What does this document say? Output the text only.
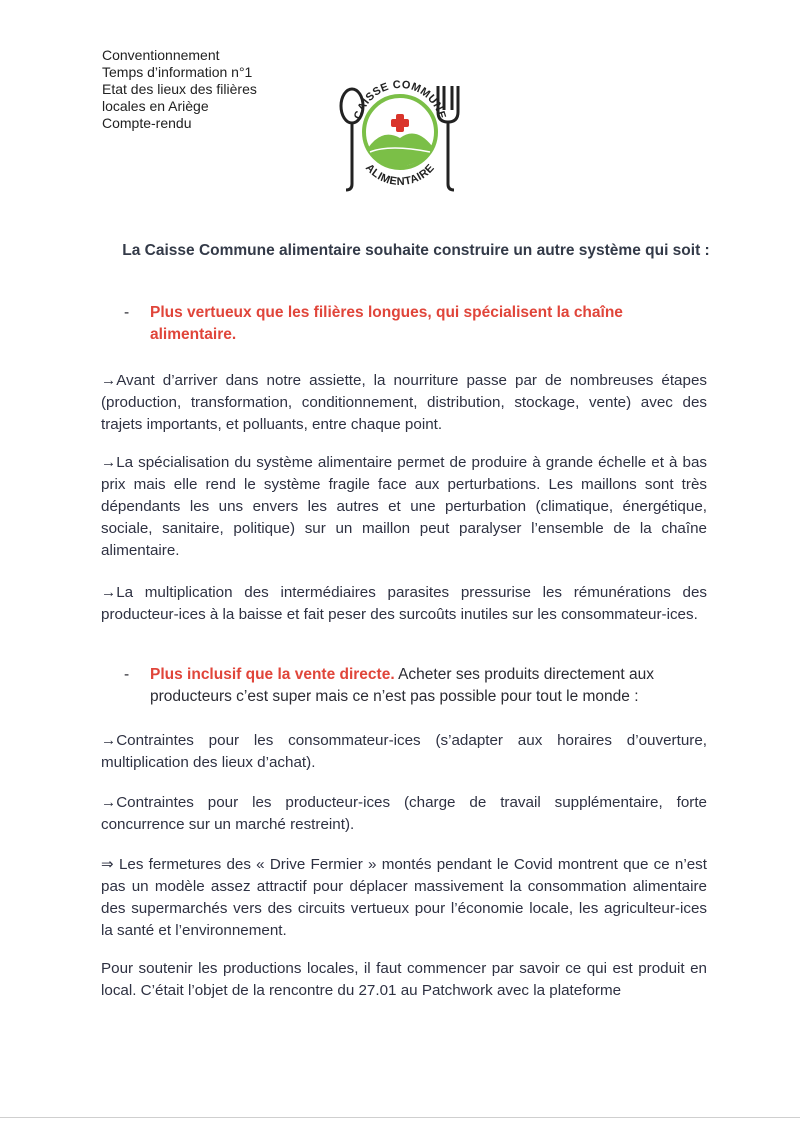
Conventionnement
Temps d’information n°1
Etat des lieux des filières
locales en Ariège
Compte-rendu
CAISSE COMMUNE
ALIMENTAIRE
La Caisse Commune alimentaire souhaite construire un autre système qui soit :
- Plus vertueux que les filières longues, qui spécialisent la chaîne alimentaire.
→Avant d’arriver dans notre assiette, la nourriture passe par de nombreuses étapes (production, transformation, conditionnement, distribution, stockage, vente) avec des trajets importants, et polluants, entre chaque point.
→La spécialisation du système alimentaire permet de produire à grande échelle et à bas prix mais elle rend le système fragile face aux perturbations. Les maillons sont très dépendants les uns envers les autres et une perturbation (climatique, énergétique, sociale, sanitaire, politique) sur un maillon peut paralyser l’ensemble de la chaîne alimentaire.
→La multiplication des intermédiaires parasites pressurise les rémunérations des producteur-ices à la baisse et fait peser des surcoûts inutiles sur les consommateur-ices.
- Plus inclusif que la vente directe. Acheter ses produits directement aux producteurs c’est super mais ce n’est pas possible pour tout le monde :
→Contraintes pour les consommateur-ices (s’adapter aux horaires d’ouverture, multiplication des lieux d’achat).
→Contraintes pour les producteur-ices (charge de travail supplémentaire, forte concurrence sur un marché restreint).
⇒ Les fermetures des « Drive Fermier » montés pendant le Covid montrent que ce n’est pas un modèle assez attractif pour déplacer massivement la consommation alimentaire des supermarchés vers des circuits vertueux pour l’économie locale, les agriculteur-ices la santé et l’environnement.
Pour soutenir les productions locales, il faut commencer par savoir ce qui est produit en local. C’était l’objet de la rencontre du 27.01 au Patchwork avec la plateforme
